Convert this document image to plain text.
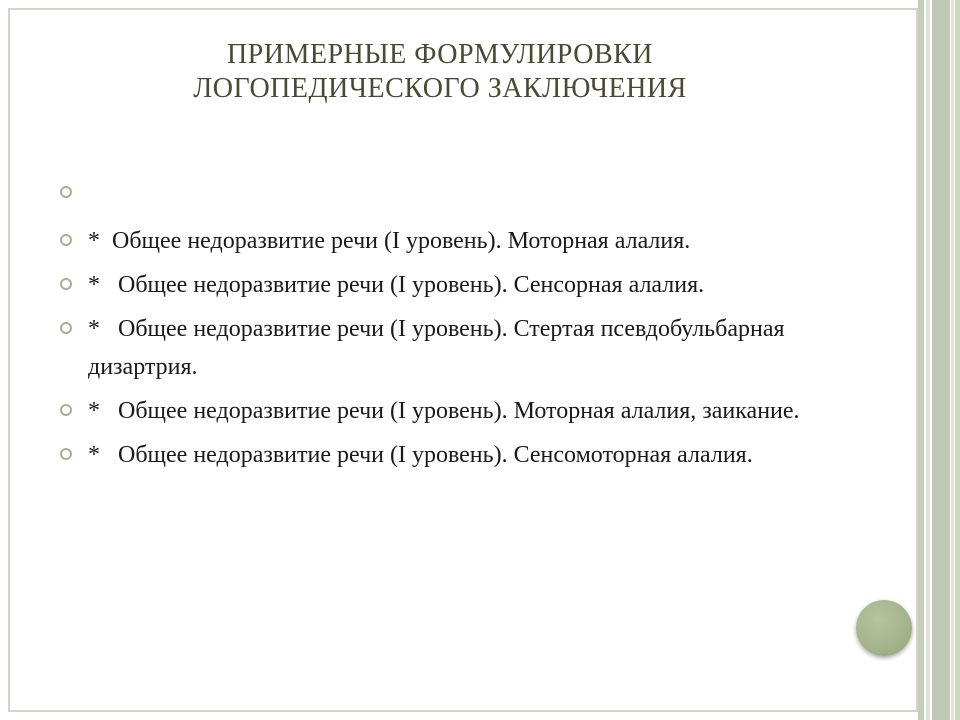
ПРИМЕРНЫЕ ФОРМУЛИРОВКИ
ЛОГОПЕДИЧЕСКОГО ЗАКЛЮЧЕНИЯ
*  Общее недоразвитие речи (I уровень). Моторная алалия.
*   Общее недоразвитие речи (I уровень). Сенсорная алалия.
*   Общее недоразвитие речи (I уровень). Стертая псевдобульбарная дизартрия.
*   Общее недоразвитие речи (I уровень). Моторная алалия, заикание.
*   Общее недоразвитие речи (I уровень). Сенсомоторная алалия.
